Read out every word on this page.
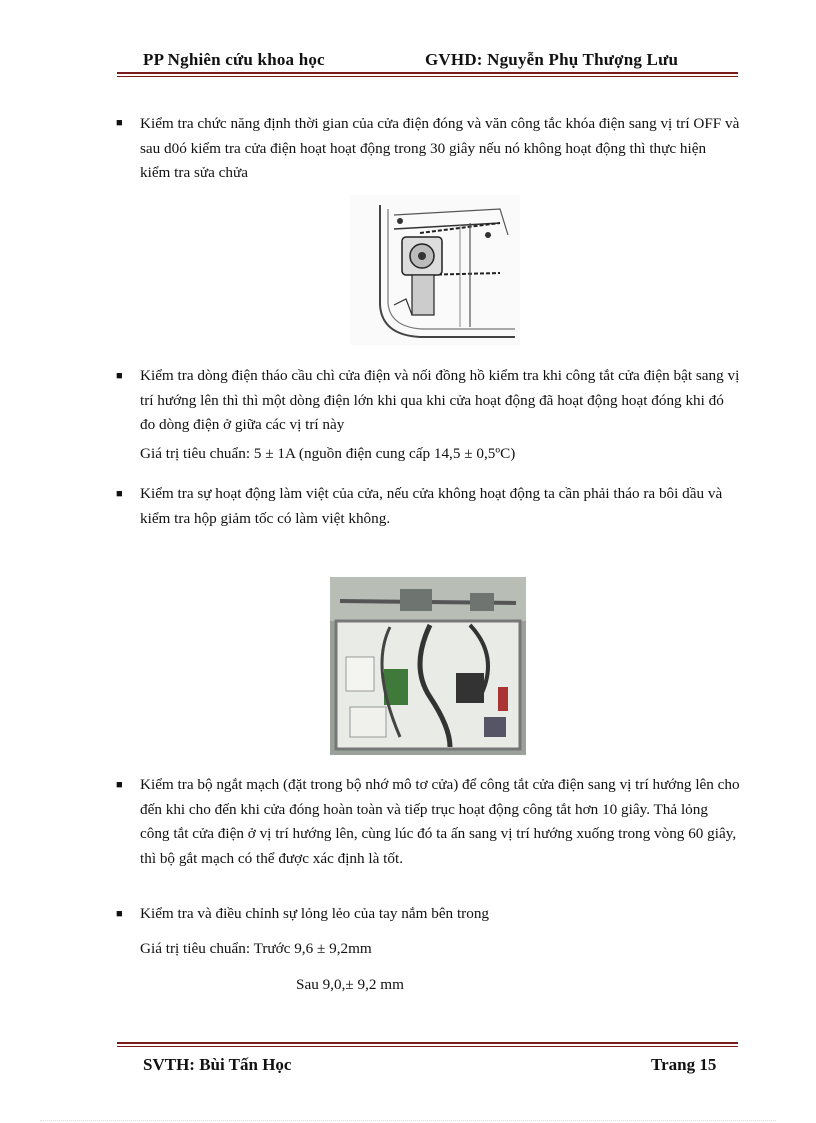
PP Nghiên cứu khoa học	GVHD: Nguyễn Phụ Thượng Lưu
■ Kiểm tra chức năng định thời gian của cửa điện đóng và văn công tắc khóa điện sang vị trí OFF và sau d0ó kiểm tra cửa điện hoạt hoạt động trong 30 giây nếu nó không hoạt động thì thực hiện kiểm tra sửa chửa
■ Kiểm tra dòng điện tháo cầu chì cửa điện và nối đồng hồ kiểm tra khi công tắt cửa điện bật sang vị trí hướng lên thì thì một dòng điện lớn khi qua khi cửa hoạt động đã hoạt động hoạt đóng khi đó đo dòng điện ở giữa các vị trí này
Giá trị tiêu chuẩn: 5 ± 1A (nguồn điện cung cấp 14,5 ± 0,5ºC)
■ Kiểm tra sự hoạt động làm việt của cửa, nếu cửa không hoạt động ta cần phải tháo ra bôi dầu và kiểm tra hộp giảm tốc có làm việt không.
■ Kiểm tra bộ ngắt mạch (đặt trong bộ nhớ mô tơ cửa) để công tắt cửa điện sang vị trí hướng lên cho đến khi cho đến khi cửa đóng hoàn toàn và tiếp trục hoạt động công tắt hơn 10 giây. Thả lỏng công tắt cửa điện ở vị trí hướng lên, cùng lúc đó ta ấn sang vị trí hướng xuống trong vòng 60 giây, thì bộ gắt mạch có thể được xác định là tốt.
■ Kiểm tra và điều chỉnh sự lỏng lẻo của tay nắm bên trong
Giá trị tiêu chuẩn: Trước 9,6 ± 9,2mm
Sau 9,0,± 9,2 mm
SVTH: Bùi Tấn Học	Trang 15
